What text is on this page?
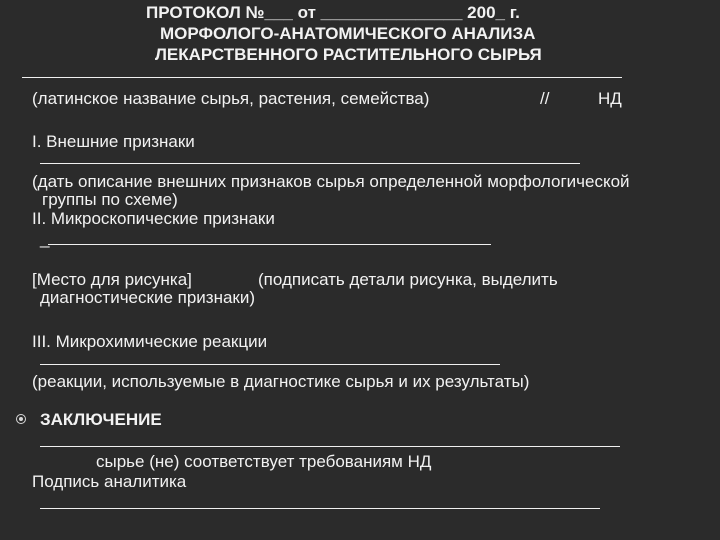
ПРОТОКОЛ №___ от _______________ 200_ г.
МОРФОЛОГО-АНАТОМИЧЕСКОГО АНАЛИЗА
ЛЕКАРСТВЕННОГО РАСТИТЕЛЬНОГО СЫРЬЯ
(латинское название сырья, растения, семейства)	//	НД
I. Внешние признаки
(дать описание внешних признаков сырья определенной морфологической
группы по схеме)
II. Микроскопические признаки
_
[Место для рисунка]	(подписать детали рисунка, выделить
диагностические признаки)
III. Микрохимические реакции
(реакции, используемые в диагностике сырья и их результаты)
ЗАКЛЮЧЕНИЕ
сырье (не) соответствует требованиям НД
Подпись аналитика
